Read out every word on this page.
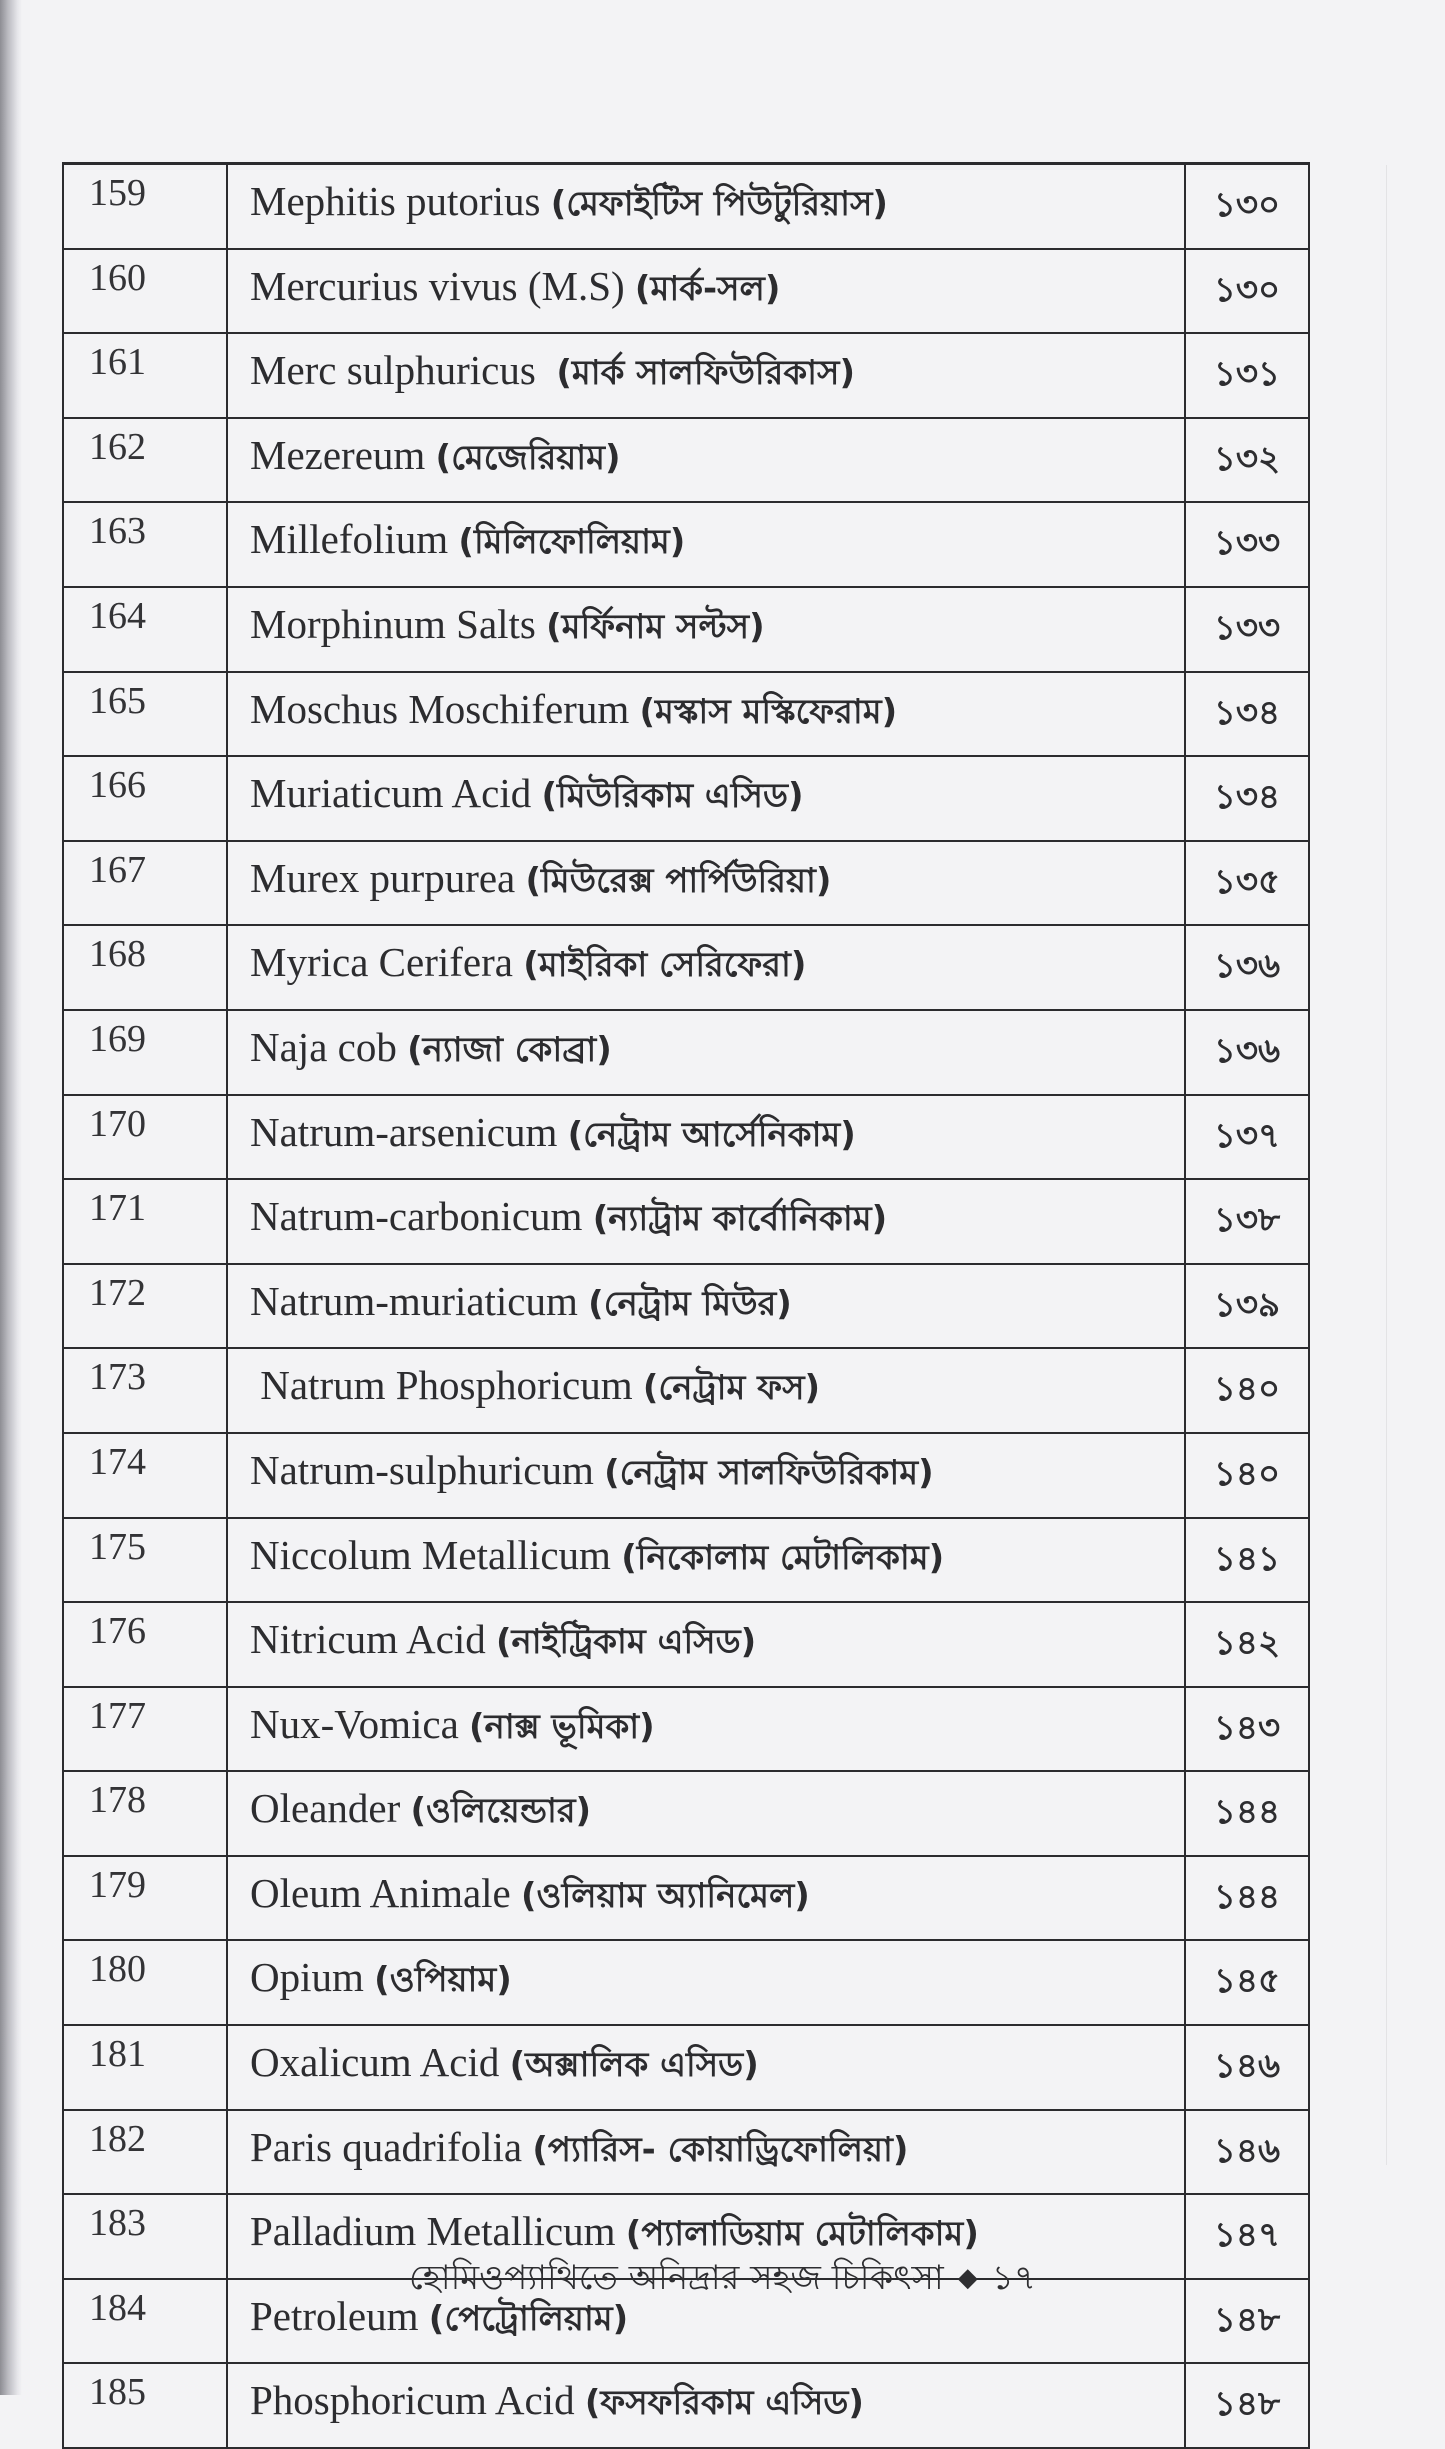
159	Mephitis putorius (মেফাইটিস পিউটুরিয়াস)	১৩০
160	Mercurius vivus (M.S) (মার্ক-সল)	১৩০
161	Merc sulphuricus  (মার্ক সালফিউরিকাস)	১৩১
162	Mezereum (মেজেরিয়াম)	১৩২
163	Millefolium (মিলিফোলিয়াম)	১৩৩
164	Morphinum Salts (মর্ফিনাম সল্টস)	১৩৩
165	Moschus Moschiferum (মস্কাস মস্কিফেরাম)	১৩৪
166	Muriaticum Acid (মিউরিকাম এসিড)	১৩৪
167	Murex purpurea (মিউরেক্স পার্পিউরিয়া)	১৩৫
168	Myrica Cerifera (মাইরিকা সেরিফেরা)	১৩৬
169	Naja cob (ন্যাজা কোব্রা)	১৩৬
170	Natrum-arsenicum (নেট্রাম আর্সেনিকাম)	১৩৭
171	Natrum-carbonicum (ন্যাট্রাম কার্বোনিকাম)	১৩৮
172	Natrum-muriaticum (নেট্রাম মিউর)	১৩৯
173	Natrum Phosphoricum (নেট্রাম ফস)	১৪০
174	Natrum-sulphuricum (নেট্রাম সালফিউরিকাম)	১৪০
175	Niccolum Metallicum (নিকোলাম মেটালিকাম)	১৪১
176	Nitricum Acid (নাইট্রিকাম এসিড)	১৪২
177	Nux-Vomica (নাক্স ভূমিকা)	১৪৩
178	Oleander (ওলিয়েন্ডার)	১৪৪
179	Oleum Animale (ওলিয়াম অ্যানিমেল)	১৪৪
180	Opium (ওপিয়াম)	১৪৫
181	Oxalicum Acid (অক্সালিক এসিড)	১৪৬
182	Paris quadrifolia (প্যারিস- কোয়াড্রিফোলিয়া)	১৪৬
183	Palladium Metallicum (প্যালাডিয়াম মেটালিকাম)	১৪৭
184	Petroleum (পেট্রোলিয়াম)	১৪৮
185	Phosphoricum Acid (ফসফরিকাম এসিড)	১৪৮
হোমিওপ্যাথিতে অনিদ্রার সহজ চিকিৎসা ◆ ১৭
